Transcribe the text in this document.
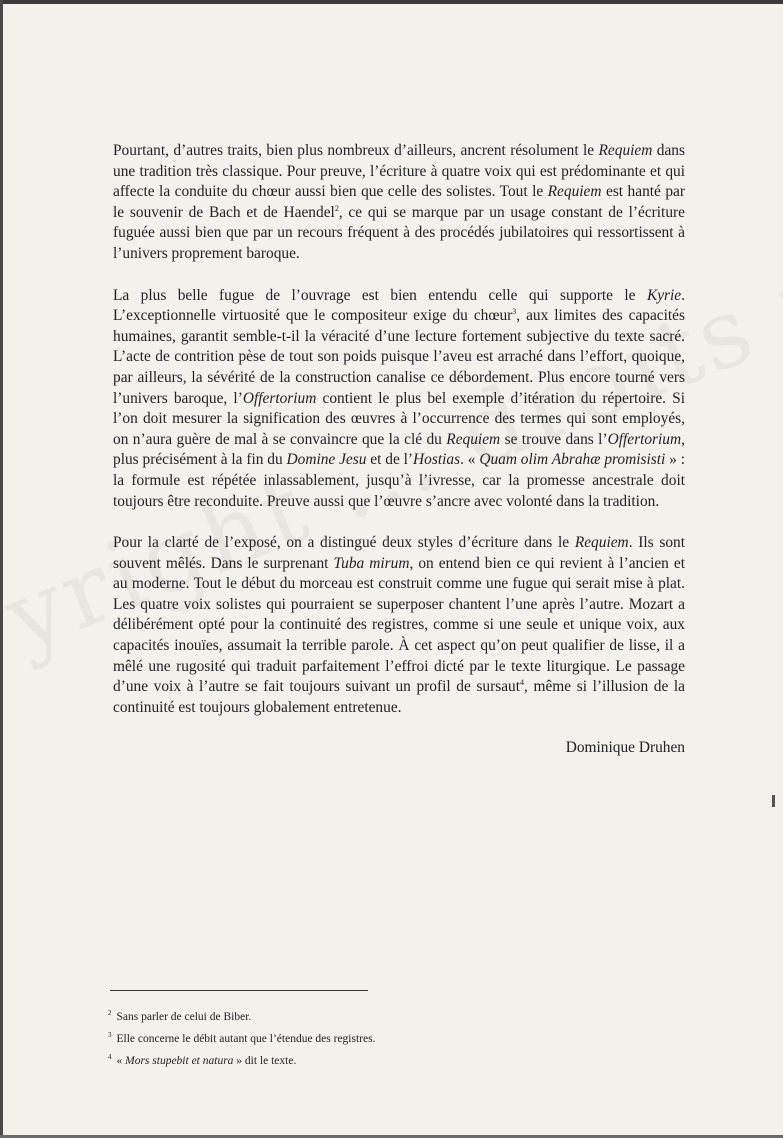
Pourtant, d’autres traits, bien plus nombreux d’ailleurs, ancrent résolument le Requiem dans une tradition très classique. Pour preuve, l’écriture à quatre voix qui est prédominante et qui affecte la conduite du chœur aussi bien que celle des solistes. Tout le Requiem est hanté par le souvenir de Bach et de Haendel$^2$, ce qui se marque par un usage constant de l’écriture fuguée aussi bien que par un recours fréquent à des procédés jubilatoires qui ressortissent à l’univers proprement baroque.

La plus belle fugue de l’ouvrage est bien entendu celle qui supporte le Kyrie. L’exceptionnelle virtuosité que le compositeur exige du chœur$^3$, aux limites des capacités humaines, garantit semble-t-il la véracité d’une lecture fortement subjective du texte sacré. L’acte de contrition pèse de tout son poids puisque l’aveu est arraché dans l’effort, quoique, par ailleurs, la sévérité de la construction canalise ce débordement. Plus encore tourné vers l’univers baroque, l’Offertorium contient le plus bel exemple d’itération du répertoire. Si l’on doit mesurer la signification des œuvres à l’occurrence des termes qui sont employés, on n’aura guère de mal à se convaincre que la clé du Requiem se trouve dans l’Offertorium, plus précisément à la fin du Domine Jesu et de l’Hostias. « Quam olim Abrahæ promisisti » : la formule est répétée inlassablement, jusqu’à l’ivresse, car la promesse ancestrale doit toujours être reconduite. Preuve aussi que l’œuvre s’ancre avec volonté dans la tradition.

Pour la clarté de l’exposé, on a distingué deux styles d’écriture dans le Requiem. Ils sont souvent mêlés. Dans le surprenant Tuba mirum, on entend bien ce qui revient à l’ancien et au moderne. Tout le début du morceau est construit comme une fugue qui serait mise à plat. Les quatre voix solistes qui pourraient se superposer chantent l’une après l’autre. Mozart a délibérément opté pour la continuité des registres, comme si une seule et unique voix, aux capacités inouïes, assumait la terrible parole. À cet aspect qu’on peut qualifier de lisse, il a mêlé une rugosité qui traduit parfaitement l’effroi dicté par le texte liturgique. Le passage d’une voix à l’autre se fait toujours suivant un profil de sursaut$^4$, même si l’illusion de la continuité est toujours globalement entretenue.

Dominique Druhen
$^2$ Sans parler de celui de Biber.
$^3$ Elle concerne le débit autant que l’étendue des registres.
$^4$ « Mors stupebit et natura » dit le texte.
